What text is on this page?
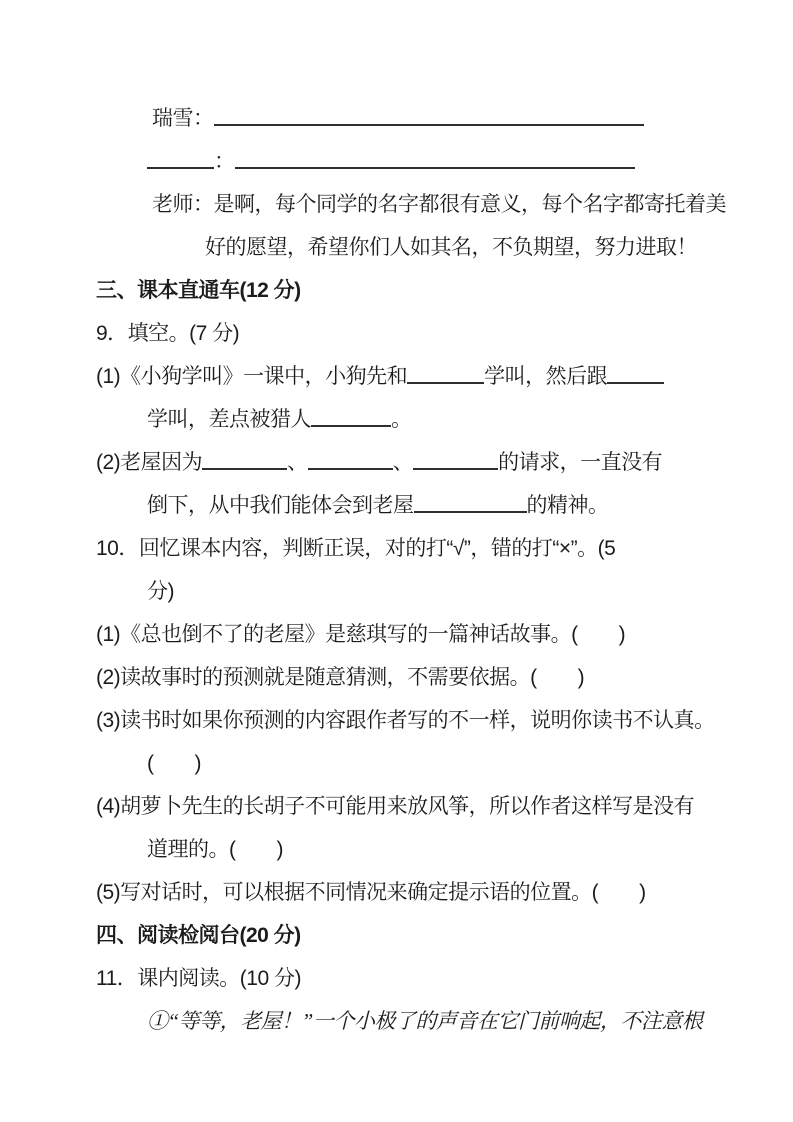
瑞雪：
：
老师：是啊，每个同学的名字都很有意义，每个名字都寄托着美
好的愿望，希望你们人如其名，不负期望，努力进取！
三、课本直通车(12 分)
9．填空。(7 分)
(1)《小狗学叫》一课中，小狗先和	学叫，然后跟
学叫，差点被猎人	。
(2)老屋因为	、	、	的请求，一直没有
倒下，从中我们能体会到老屋	的精神。
10．回忆课本内容，判断正误，对的打“√”，错的打“×”。(5
分)
(1)《总也倒不了的老屋》是慈琪写的一篇神话故事。(　　)
(2)读故事时的预测就是随意猜测，不需要依据。(　　)
(3)读书时如果你预测的内容跟作者写的不一样，说明你读书不认真。
(　　)
(4)胡萝卜先生的长胡子不可能用来放风筝，所以作者这样写是没有
道理的。(　　)
(5)写对话时，可以根据不同情况来确定提示语的位置。(　　)
四、阅读检阅台(20 分)
11．课内阅读。(10 分)
①“等等，老屋！”一个小极了的声音在它门前响起，不注意根
